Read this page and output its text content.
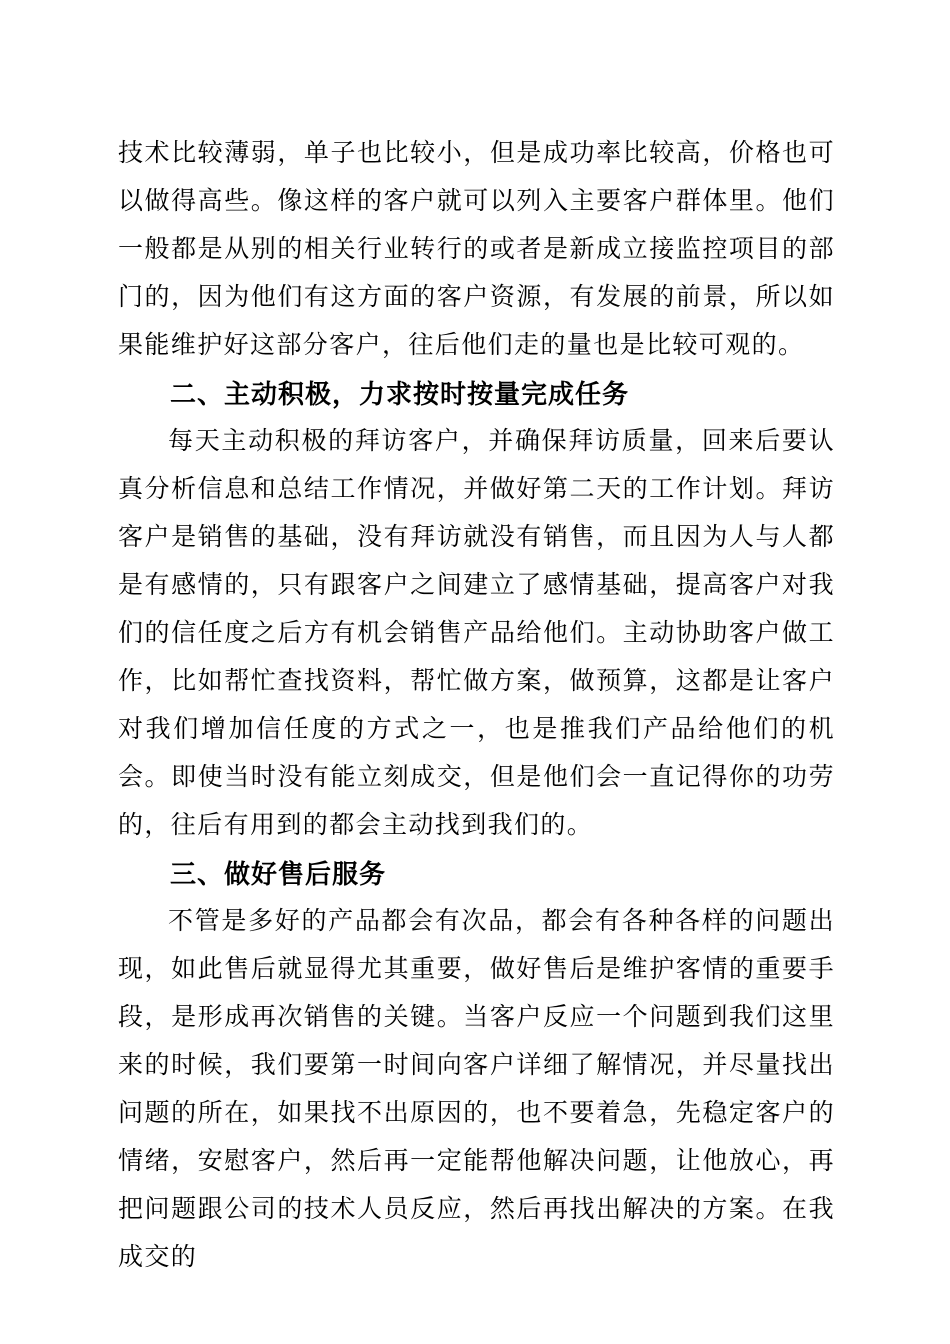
技术比较薄弱，单子也比较小，但是成功率比较高，价格也可以做得高些。像这样的客户就可以列入主要客户群体里。他们一般都是从别的相关行业转行的或者是新成立接监控项目的部门的，因为他们有这方面的客户资源，有发展的前景，所以如果能维护好这部分客户，往后他们走的量也是比较可观的。

二、主动积极，力求按时按量完成任务

每天主动积极的拜访客户，并确保拜访质量，回来后要认真分析信息和总结工作情况，并做好第二天的工作计划。拜访客户是销售的基础，没有拜访就没有销售，而且因为人与人都是有感情的，只有跟客户之间建立了感情基础，提高客户对我们的信任度之后方有机会销售产品给他们。主动协助客户做工作，比如帮忙查找资料，帮忙做方案，做预算，这都是让客户对我们增加信任度的方式之一，也是推我们产品给他们的机会。即使当时没有能立刻成交，但是他们会一直记得你的功劳的，往后有用到的都会主动找到我们的。

三、做好售后服务

不管是多好的产品都会有次品，都会有各种各样的问题出现，如此售后就显得尤其重要，做好售后是维护客情的重要手段，是形成再次销售的关键。当客户反应一个问题到我们这里来的时候，我们要第一时间向客户详细了解情况，并尽量找出问题的所在，如果找不出原因的，也不要着急，先稳定客户的情绪，安慰客户，然后再一定能帮他解决问题，让他放心，再把问题跟公司的技术人员反应，然后再找出解决的方案。在我成交的
